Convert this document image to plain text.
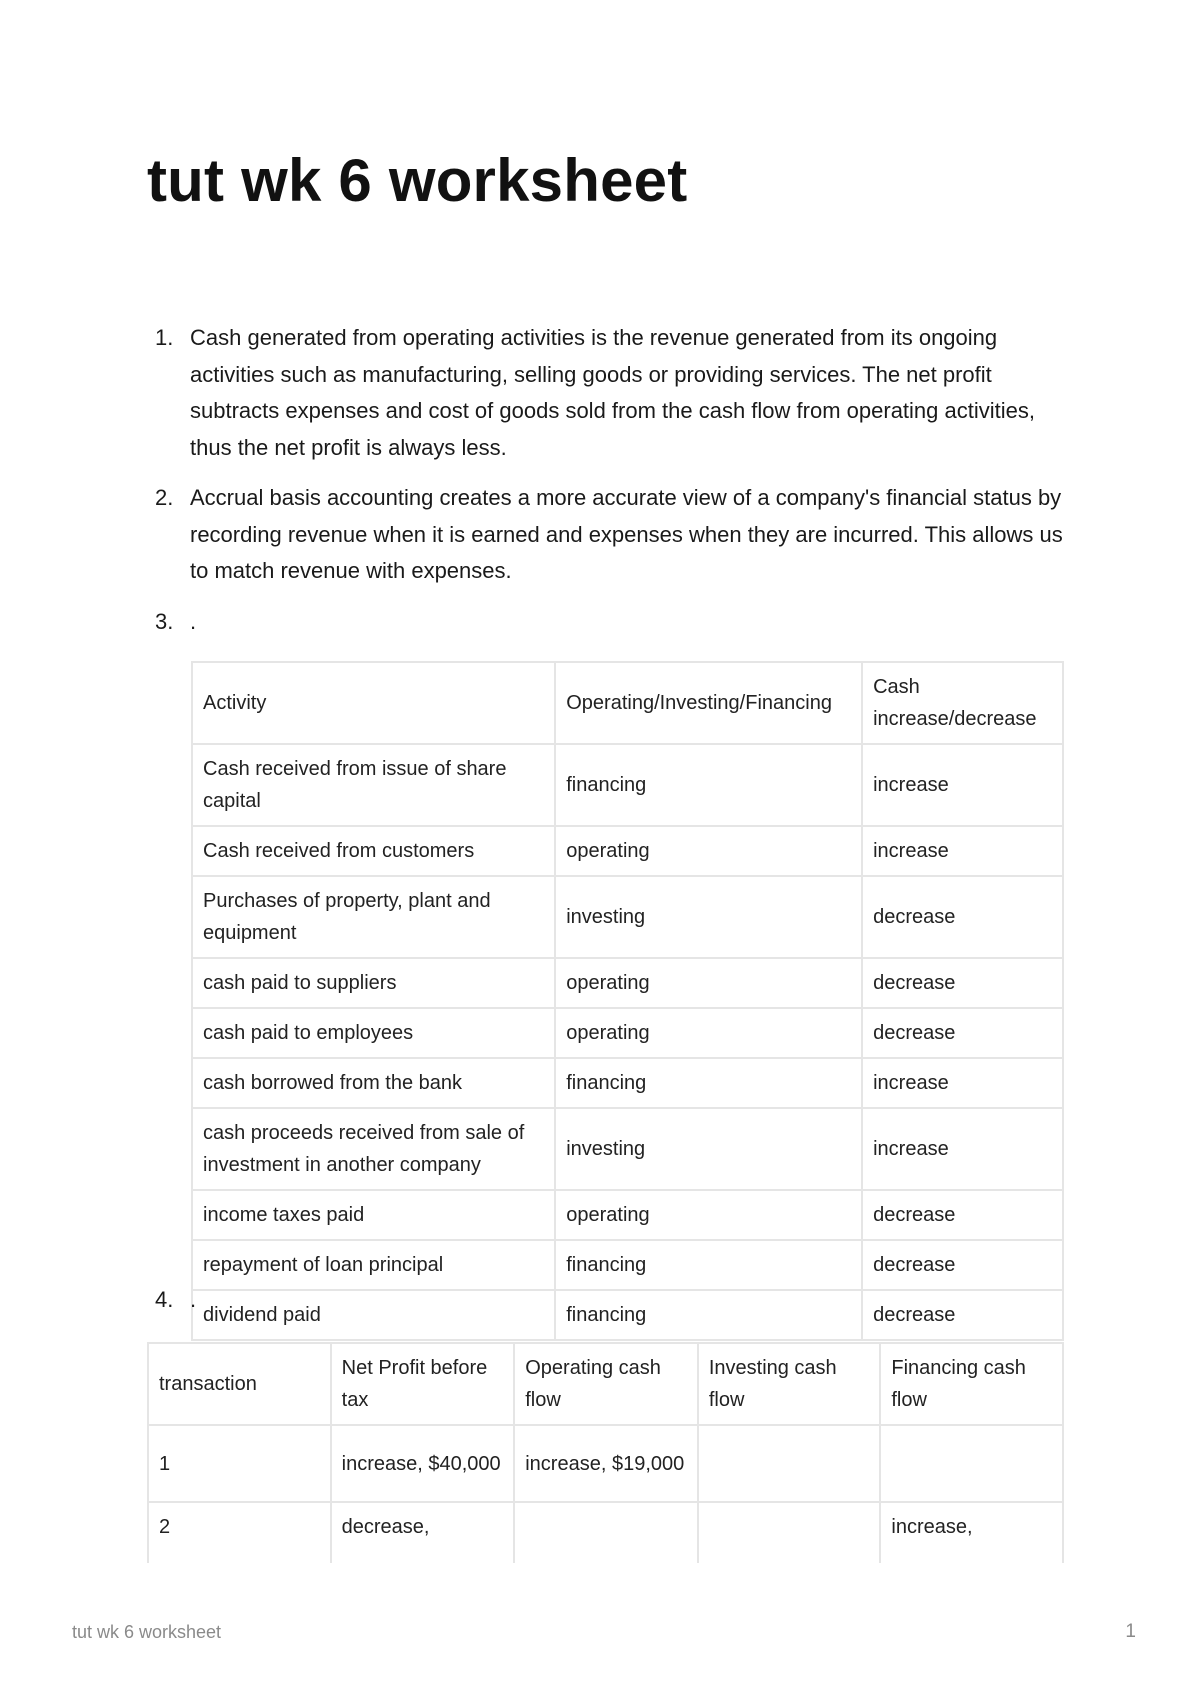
tut wk 6 worksheet
1. Cash generated from operating activities is the revenue generated from its ongoing activities such as manufacturing, selling goods or providing services. The net profit subtracts expenses and cost of goods sold from the cash flow from operating activities, thus the net profit is always less.
2. Accrual basis accounting creates a more accurate view of a company's financial status by recording revenue when it is earned and expenses when they are incurred. This allows us to match revenue with expenses.
3. .
Activity	Operating/Investing/Financing	Cash increase/decrease
Cash received from issue of share capital	financing	increase
Cash received from customers	operating	increase
Purchases of property, plant and equipment	investing	decrease
cash paid to suppliers	operating	decrease
cash paid to employees	operating	decrease
cash borrowed from the bank	financing	increase
cash proceeds received from sale of investment in another company	investing	increase
income taxes paid	operating	decrease
repayment of loan principal	financing	decrease
dividend paid	financing	decrease
4. .
transaction	Net Profit before tax	Operating cash flow	Investing cash flow	Financing cash flow
1	increase, $40,000	increase, $19,000		
2	decrease,			increase,
tut wk 6 worksheet	1
